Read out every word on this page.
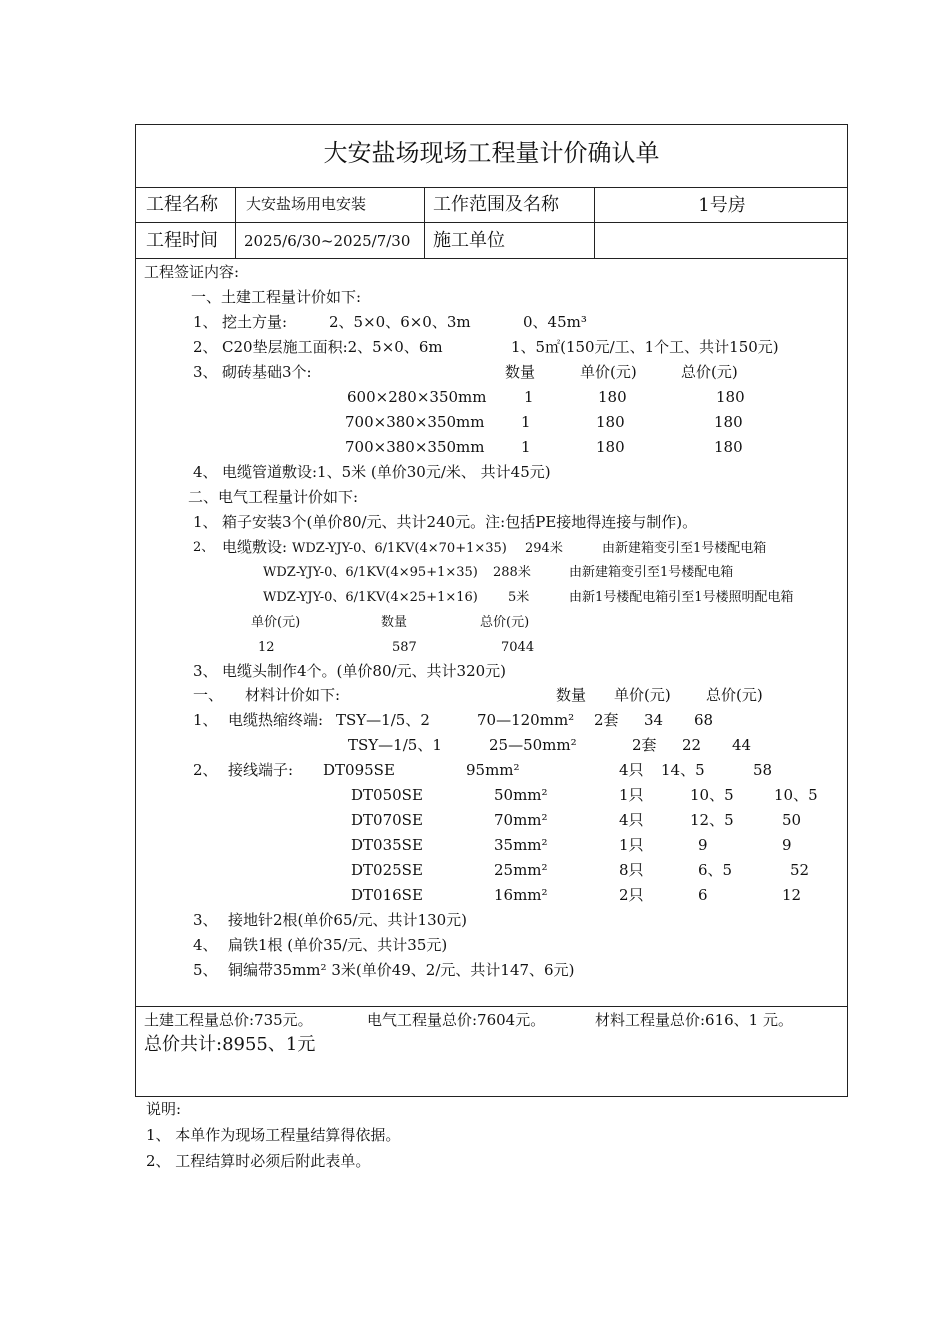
大安盐场现场工程量计价确认单
工程名称 大安盐场用电安装	工作范围及名称	1号房
工程时间 2025/6/30~2025/7/30 施工单位
工程签证内容:
一、土建工程量计价如下:
1、 挖土方量:	2、5×0、6×0、3m	0、45m³
2、 C20垫层施工面积:2、5×0、6m	1、5㎡(150元/工、1个工、共计150元)
3、 砌砖基础3个:	数量	单价(元)	总价(元)
600×280×350mm	1	180	180
700×380×350mm 1	180	180
700×380×350mm 1	180	180
4、 电缆管道敷设:1、5米 (单价30元/米、 共计45元)
二、电气工程量计价如下:
1、 箱子安装3个(单价80/元、共计240元。注:包括PE接地得连接与制作)。
2、 电缆敷设: WDZ-YJY-0、6/1KV(4×70+1×35) 294米	由新建箱变引至1号楼配电箱
WDZ-YJY-0、6/1KV(4×95+1×35) 288米	由新建箱变引至1号楼配电箱
WDZ-YJY-0、6/1KV(4×25+1×16) 5米	由新1号楼配电箱引至1号楼照明配电箱
单价(元)	数量	总价(元)
12	587	7044
3、 电缆头制作4个。(单价80/元、共计320元)
一、 材料计价如下:	数量 单价(元) 总价(元)
1、 电缆热缩终端: TSY—1/5、2	70—120mm² 2套 34 68
TSY—1/5、1	25—50mm²	2套 22 44
2、 接线端子: DT095SE	95mm²	4只 14、5	58
DT050SE	50mm²	1只	10、5	10、5
DT070SE	70mm²	4只	12、5	50
DT035SE	35mm²	1只	9	9
DT025SE	25mm²	8只	6、5	52
DT016SE	16mm²	2只	6	12
3、 接地针2根(单价65/元、共计130元)
4、 扁铁1根 (单价35/元、共计35元)
5、 铜编带35mm² 3米(单价49、2/元、共计147、6元)
土建工程量总价:735元。	电气工程量总价:7604元。	材料工程量总价:616、1 元。
总价共计:8955、1元
说明:
1、 本单作为现场工程量结算得依据。
2、 工程结算时必须后附此表单。
